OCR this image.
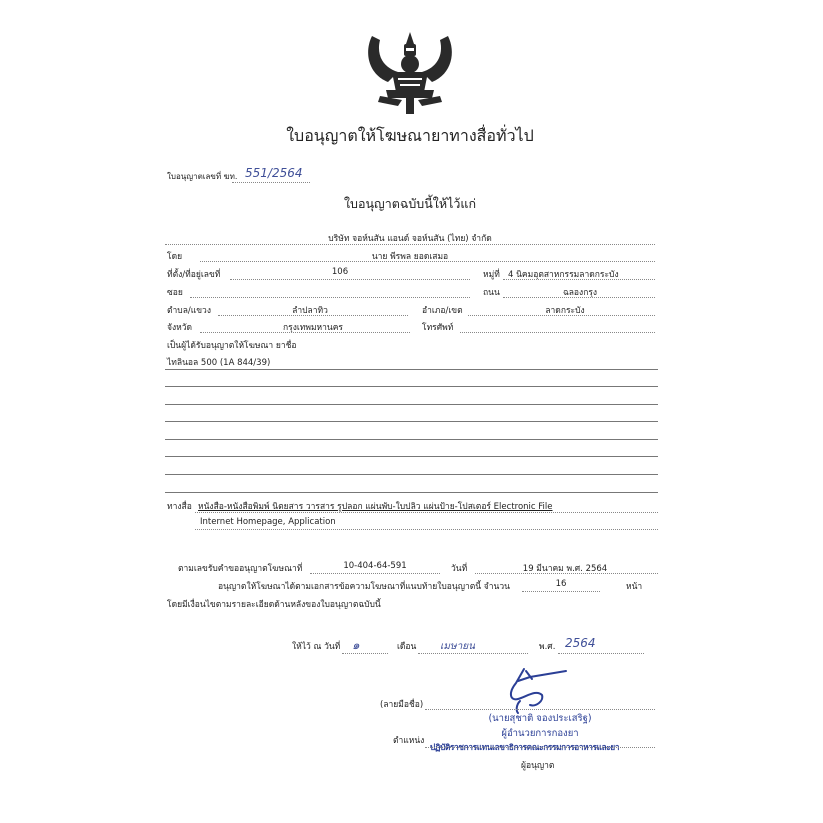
ใบอนุญาตให้โฆษณายาทางสื่อทั่วไป
ใบอนุญาตเลขที่ ฆท. 551/2564
ใบอนุญาตฉบับนี้ให้ไว้แก่
บริษัท จอห์นสัน แอนด์ จอห์นสัน (ไทย) จำกัด
โดย	นาย พีรพล ยอดเสมอ
ที่ตั้ง/ที่อยู่เลขที่	106	หมู่ที่ 4 นิคมอุตสาหกรรมลาดกระบัง
ซอย	ถนน	ฉลองกรุง
ตำบล/แขวง	ลำปลาทิว	อำเภอ/เขต	ลาดกระบัง
จังหวัด	กรุงเทพมหานคร	โทรศัพท์
เป็นผู้ได้รับอนุญาตให้โฆษณา ยาชื่อ
ไทลินอล 500 (1A 844/39)
ทางสื่อ หนังสือ-หนังสือพิมพ์ นิตยสาร วารสาร รูปลอก แผ่นพับ-ใบปลิว แผ่นป้าย-โปสเตอร์ Electronic File
Internet Homepage, Application
ตามเลขรับคำขออนุญาตโฆษณาที่	10-404-64-591	วันที่	19 มีนาคม พ.ศ. 2564
อนุญาตให้โฆษณาได้ตามเอกสารข้อความโฆษณาที่แนบท้ายใบอนุญาตนี้ จำนวน	16	หน้า
โดยมีเงื่อนไขตามรายละเอียดด้านหลังของใบอนุญาตฉบับนี้
ให้ไว้ ณ วันที่ ๑	เดือน เมษายน	พ.ศ. 2564
(ลายมือชื่อ)
(นายสุชาติ จองประเสริฐ)
ผู้อำนวยการกองยา
ตำแหน่ง
ปฏิบัติราชการแทนเลขาธิการคณะกรรมการอาหารและยา
ผู้อนุญาต
